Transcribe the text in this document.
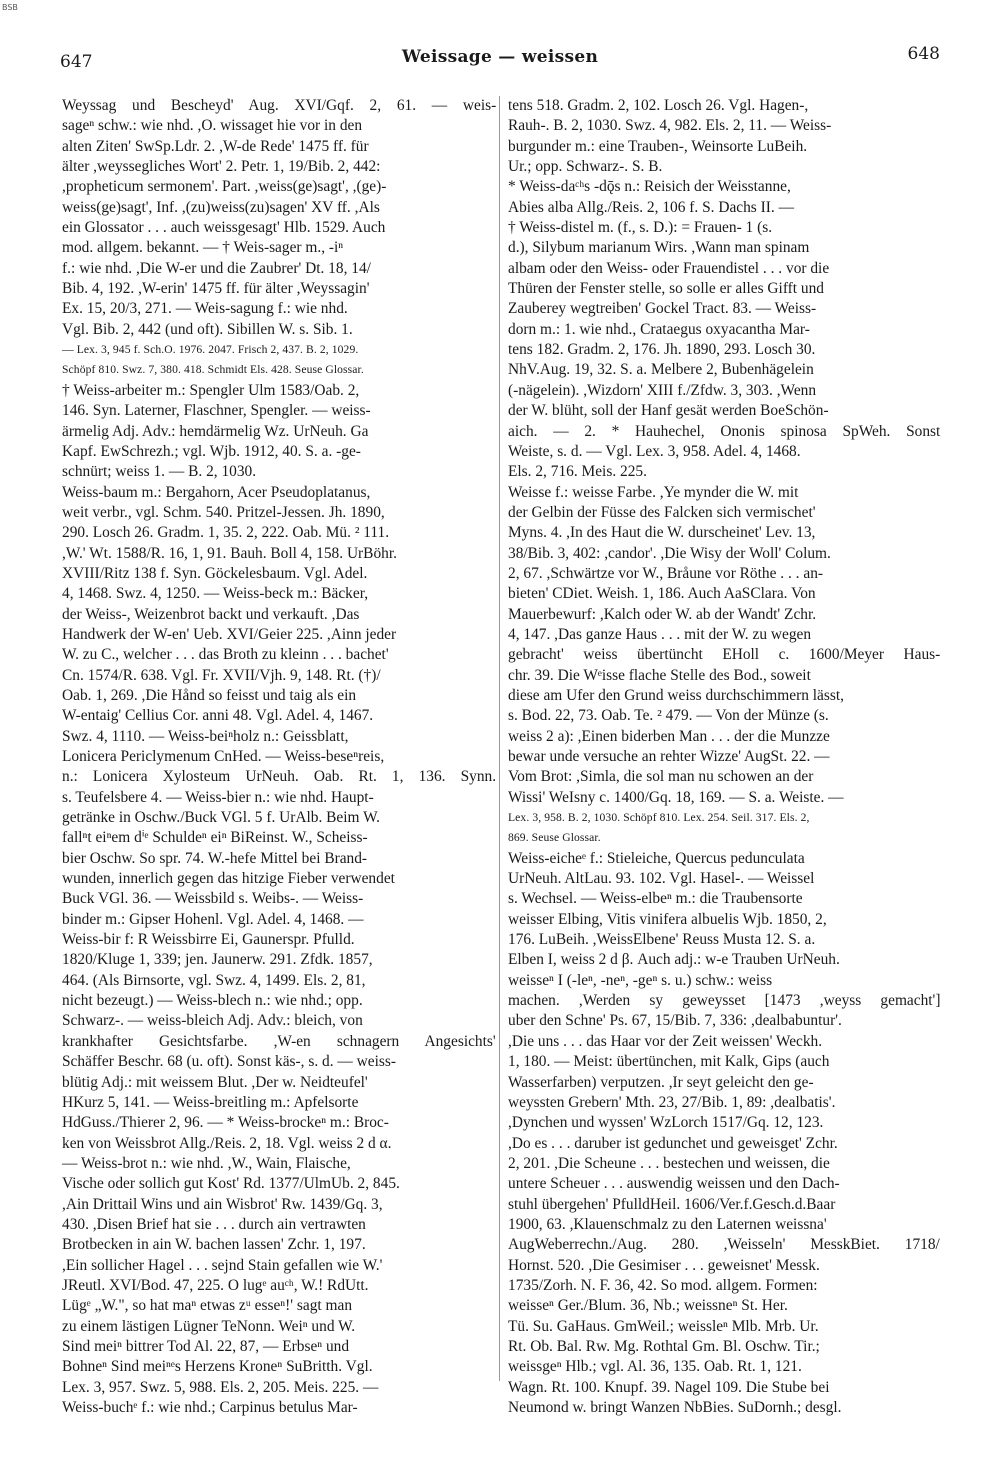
BSB
647	Weissage — weissen	648
Weyssag und Bescheyd' Aug. XVI/Gqf. 2, 61. — weis-
sageⁿ schw.: wie nhd. ,O. wissaget hie vor in den
alten Ziten' SwSp.Ldr. 2. ,W-de Rede' 1475 ff. für
älter ,weyssegliches Wort' 2. Petr. 1, 19/Bib. 2, 442:
,propheticum sermonem'. Part. ,weiss(ge)sagt', ,(ge)-
weiss(ge)sagt', Inf. ,(zu)weiss(zu)sagen' XV ff. ,Als
ein Glossator . . . auch weissgesagt' Hlb. 1529. Auch
mod. allgem. bekannt. — † Weis-sager m., -iⁿ
f.: wie nhd. ,Die W-er und die Zaubrer' Dt. 18, 14/
Bib. 4, 192. ,W-erin' 1475 ff. für älter ,Weyssagin'
Ex. 15, 20/3, 271. — Weis-sagung f.: wie nhd.
Vgl. Bib. 2, 442 (und oft). Sibillen W. s. Sib. 1.
— Lex. 3, 945 f. Sch.O. 1976. 2047. Frisch 2, 437. B. 2, 1029.
Schöpf 810. Swz. 7, 380. 418. Schmidt Els. 428. Seuse Glossar.
† Weiss-arbeiter m.: Spengler Ulm 1583/Oab. 2,
146. Syn. Laterner, Flaschner, Spengler. — weiss-
ärmelig Adj. Adv.: hemdärmelig Wz. UrNeuh. Ga
Kapf. EwSchrezh.; vgl. Wjb. 1912, 40. S. a. -ge-
schnürt; weiss 1. — B. 2, 1030.
Weiss-baum m.: Bergahorn, Acer Pseudoplatanus,
weit verbr., vgl. Schm. 540. Pritzel-Jessen. Jh. 1890,
290. Losch 26. Gradm. 1, 35. 2, 222. Oab. Mü. ² 111.
,W.' Wt. 1588/R. 16, 1, 91. Bauh. Boll 4, 158. UrBöhr.
XVIII/Ritz 138 f. Syn. Göckelesbaum. Vgl. Adel.
4, 1468. Swz. 4, 1250. — Weiss-beck m.: Bäcker,
der Weiss-, Weizenbrot backt und verkauft. ,Das
Handwerk der W-en' Ueb. XVI/Geier 225. ,Ainn jeder
W. zu C., welcher . . . das Broth zu kleinn . . . bachet'
Cn. 1574/R. 638. Vgl. Fr. XVII/Vjh. 9, 148. Rt. (†)/
Oab. 1, 269. ,Die Hånd so feisst und taig als ein
W-entaig' Cellius Cor. anni 48. Vgl. Adel. 4, 1467.
Swz. 4, 1110. — Weiss-beiⁿholz n.: Geissblatt,
Lonicera Periclymenum CnHed. — Weiss-beseⁿreis,
n.: Lonicera Xylosteum UrNeuh. Oab. Rt. 1, 136. Synn.
s. Teufelsbere 4. — Weiss-bier n.: wie nhd. Haupt-
getränke in Oschw./Buck VGl. 5 f. UrAlb. Beim W.
fallⁿt eiⁿem dⁱᵉ Schuldeⁿ eiⁿ BiReinst. W., Scheiss-
bier Oschw. So spr. 74. W.-hefe Mittel bei Brand-
wunden, innerlich gegen das hitzige Fieber verwendet
Buck VGl. 36. — Weissbild s. Weibs-. — Weiss-
binder m.: Gipser Hohenl. Vgl. Adel. 4, 1468. —
Weiss-bir f: R Weissbirre Ei, Gaunerspr. Pfulld.
1820/Kluge 1, 339; jen. Jaunerw. 291. Zfdk. 1857,
464. (Als Birnsorte, vgl. Swz. 4, 1499. Els. 2, 81,
nicht bezeugt.) — Weiss-blech n.: wie nhd.; opp.
Schwarz-. — weiss-bleich Adj. Adv.: bleich, von
krankhafter Gesichtsfarbe. ,W-en schnagern Angesichts'
Schäffer Beschr. 68 (u. oft). Sonst käs-, s. d. — weiss-
blütig Adj.: mit weissem Blut. ,Der w. Neidteufel'
HKurz 5, 141. — Weiss-breitling m.: Apfelsorte
HdGuss./Thierer 2, 96. — * Weiss-brockeⁿ m.: Broc-
ken von Weissbrot Allg./Reis. 2, 18. Vgl. weiss 2 d α.
— Weiss-brot n.: wie nhd. ,W., Wain, Flaische,
Vische oder sollich gut Kost' Rd. 1377/UlmUb. 2, 845.
,Ain Drittail Wins und ain Wisbrot' Rw. 1439/Gq. 3,
430. ,Disen Brief hat sie . . . durch ain vertrawten
Brotbecken in ain W. bachen lassen' Zchr. 1, 197.
,Ein sollicher Hagel . . . sejnd Stain gefallen wie W.'
JReutl. XVI/Bod. 47, 225. O lugᵉ auᶜʰ, W.! RdUtt.
Lügᵉ „W.", so hat maⁿ etwas zᵘ esseⁿ!' sagt man
zu einem lästigen Lügner TeNonn. Weiⁿ und W.
Sind meiⁿ bittrer Tod Al. 22, 87, — Erbseⁿ und
Bohneⁿ Sind meiⁿᵉs Herzens Kroneⁿ SuBritth. Vgl.
Lex. 3, 957. Swz. 5, 988. Els. 2, 205. Meis. 225. —
Weiss-buchᵉ f.: wie nhd.; Carpinus betulus Mar-
tens 518. Gradm. 2, 102. Losch 26. Vgl. Hagen-,
Rauh-. B. 2, 1030. Swz. 4, 982. Els. 2, 11. — Weiss-
burgunder m.: eine Trauben-, Weinsorte LuBeih.
Ur.; opp. Schwarz-. S. B.
* Weiss-daᶜʰs -dǭs n.: Reisich der Weisstanne,
Abies alba Allg./Reis. 2, 106 f. S. Dachs II. —
† Weiss-distel m. (f., s. D.): = Frauen- 1 (s.
d.), Silybum marianum Wirs. ,Wann man spinam
albam oder den Weiss- oder Frauendistel . . . vor die
Thüren der Fenster stelle, so solle er alles Gifft und
Zauberey wegtreiben' Gockel Tract. 83. — Weiss-
dorn m.: 1. wie nhd., Crataegus oxyacantha Mar-
tens 182. Gradm. 2, 176. Jh. 1890, 293. Losch 30.
NhV.Aug. 19, 32. S. a. Melbere 2, Bubenhägelein
(-nägelein). ,Wizdorn' XIII f./Zfdw. 3, 303. ,Wenn
der W. blüht, soll der Hanf gesät werden BoeSchön-
aich. — 2. * Hauhechel, Ononis spinosa SpWeh. Sonst
Weiste, s. d. — Vgl. Lex. 3, 958. Adel. 4, 1468.
Els. 2, 716. Meis. 225.
Weisse f.: weisse Farbe. ,Ye mynder die W. mit
der Gelbin der Füsse des Falcken sich vermischet'
Myns. 4. ,In des Haut die W. durscheinet' Lev. 13,
38/Bib. 3, 402: ,candor'. ,Die Wisy der Woll' Colum.
2, 67. ,Schwärtze vor W., Bråune vor Röthe . . . an-
bieten' CDiet. Weish. 1, 186. Auch AaSClara. Von
Mauerbewurf: ,Kalch oder W. ab der Wandt' Zchr.
4, 147. ,Das ganze Haus . . . mit der W. zu wegen
gebracht' weiss übertüncht EHoll c. 1600/Meyer Haus-
chr. 39. Die Wᵉisse flache Stelle des Bod., soweit
diese am Ufer den Grund weiss durchschimmern lässt,
s. Bod. 22, 73. Oab. Te. ² 479. — Von der Münze (s.
weiss 2 a): ,Einen biderben Man . . . der die Munzze
bewar unde versuche an rehter Wizze' AugSt. 22. —
Vom Brot: ,Simla, die sol man nu schowen an der
Wissi' WeIsny c. 1400/Gq. 18, 169. — S. a. Weiste. —
Lex. 3, 958. B. 2, 1030. Schöpf 810. Lex. 254. Seil. 317. Els. 2,
869. Seuse Glossar.
Weiss-eicheᵉ f.: Stieleiche, Quercus pedunculata
UrNeuh. AltLau. 93. 102. Vgl. Hasel-. — Weissel
s. Wechsel. — Weiss-elbeⁿ m.: die Traubensorte
weisser Elbing, Vitis vinifera albuelis Wjb. 1850, 2,
176. LuBeih. ,WeissElbene' Reuss Musta 12. S. a.
Elben I, weiss 2 d β. Auch adj.: w-e Trauben UrNeuh.
weisseⁿ I (-leⁿ, -neⁿ, -geⁿ s. u.) schw.: weiss
machen. ,Werden sy geweysset [1473 ,weyss gemacht']
uber den Schne' Ps. 67, 15/Bib. 7, 336: ,dealbabuntur'.
,Die uns . . . das Haar vor der Zeit weissen' Weckh.
1, 180. — Meist: übertünchen, mit Kalk, Gips (auch
Wasserfarben) verputzen. ,Ir seyt geleicht den ge-
weyssten Grebern' Mth. 23, 27/Bib. 1, 89: ,dealbatis'.
,Dynchen und wyssen' WzLorch 1517/Gq. 12, 123.
,Do es . . . daruber ist gedunchet und geweisget' Zchr.
2, 201. ,Die Scheune . . . bestechen und weissen, die
untere Scheuer . . . auswendig weissen und den Dach-
stuhl übergehen' PfulldHeil. 1606/Ver.f.Gesch.d.Baar
1900, 63. ,Klauenschmalz zu den Laternen weissna'
AugWeberrechn./Aug. 280. ,Weisseln' MesskBiet. 1718/
Hornst. 520. ,Die Gesimiser . . . geweisnet' Messk.
1735/Zorh. N. F. 36, 42. So mod. allgem. Formen:
weisseⁿ Ger./Blum. 36, Nb.; weissneⁿ St. Her.
Tü. Su. GaHaus. GmWeil.; weissleⁿ Mlb. Mrb. Ur.
Rt. Ob. Bal. Rw. Mg. Rothtal Gm. Bl. Oschw. Tir.;
weissgeⁿ Hlb.; vgl. Al. 36, 135. Oab. Rt. 1, 121.
Wagn. Rt. 100. Knupf. 39. Nagel 109. Die Stube bei
Neumond w. bringt Wanzen NbBies. SuDornh.; desgl.
